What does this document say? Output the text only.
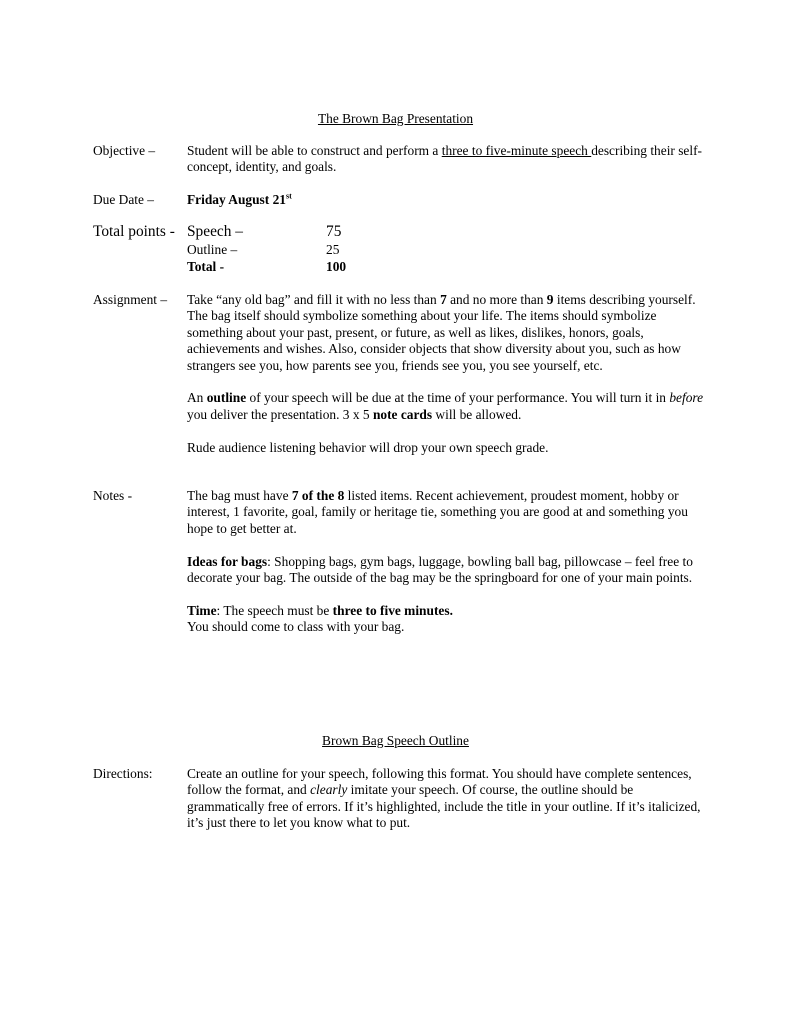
The Brown Bag Presentation
Objective – Student will be able to construct and perform a three to five-minute speech describing their self-concept, identity, and goals.
Due Date – Friday August 21st
Total points - Speech –	75
Outline –	25
Total -	100
Assignment – Take “any old bag” and fill it with no less than 7 and no more than 9 items describing yourself. The bag itself should symbolize something about your life. The items should symbolize something about your past, present, or future, as well as likes, dislikes, honors, goals, achievements and wishes. Also, consider objects that show diversity about you, such as how strangers see you, how parents see you, friends see you, you see yourself, etc.

An outline of your speech will be due at the time of your performance. You will turn it in before you deliver the presentation. 3 x 5 note cards will be allowed.

Rude audience listening behavior will drop your own speech grade.

Notes -	The bag must have 7 of the 8 listed items. Recent achievement, proudest moment, hobby or interest, 1 favorite, goal, family or heritage tie, something you are good at and something you hope to get better at.

Ideas for bags: Shopping bags, gym bags, luggage, bowling ball bag, pillowcase – feel free to decorate your bag. The outside of the bag may be the springboard for one of your main points.

Time: The speech must be three to five minutes.
You should come to class with your bag.

Brown Bag Speech Outline
Directions:	Create an outline for your speech, following this format. You should have complete sentences, follow the format, and clearly imitate your speech. Of course, the outline should be grammatically free of errors. If it’s highlighted, include the title in your outline. If it’s italicized, it’s just there to let you know what to put.
